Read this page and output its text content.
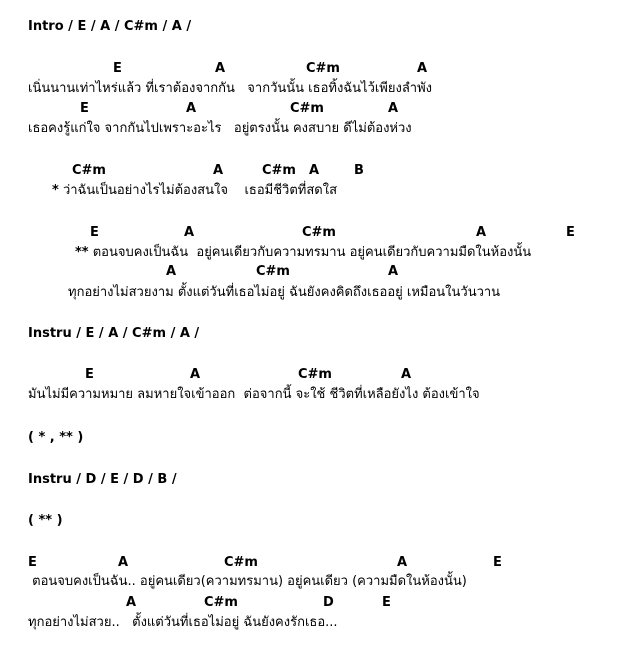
Intro / E / A / C#m / A /
E	A	C#m	A
เนิ่นนานเท่าไหร่แล้ว ที่เราต้องจากกัน   จากวันนั้น เธอทิ้งฉันไว้เพียงลำพัง
E	A	C#m	A
เธอคงรู้แก่ใจ จากกันไปเพราะอะไร   อยู่ตรงนั้น คงสบาย ดีไม่ต้องห่วง
C#m	A	C#m A	B
* ว่าฉันเป็นอย่างไรไม่ต้องสนใจ    เธอมีชีวิตที่สดใส
E	A	C#m	A	E
** ตอนจบคงเป็นฉัน  อยู่คนเดียวกับความทรมาน อยู่คนเดียวกับความมืดในห้องนั้น
A	C#m	A
ทุกอย่างไม่สวยงาม ตั้งแต่วันที่เธอไม่อยู่ ฉันยังคงคิดถึงเธออยู่ เหมือนในวันวาน
Instru / E / A / C#m / A /
E	A	C#m	A
มันไม่มีความหมาย ลมหายใจเข้าออก  ต่อจากนี้ จะใช้ ชีวิตที่เหลือยังไง ต้องเข้าใจ
( * , ** )
Instru / D / E / D / B /
( ** )
E	A	C#m	A	E
ตอนจบคงเป็นฉัน.. อยู่คนเดียว(ความทรมาน) อยู่คนเดียว (ความมืดในห้องนั้น)
A	C#m	D	E
ทุกอย่างไม่สวย..   ตั้งแต่วันที่เธอไม่อยู่ ฉันยังคงรักเธอ...
